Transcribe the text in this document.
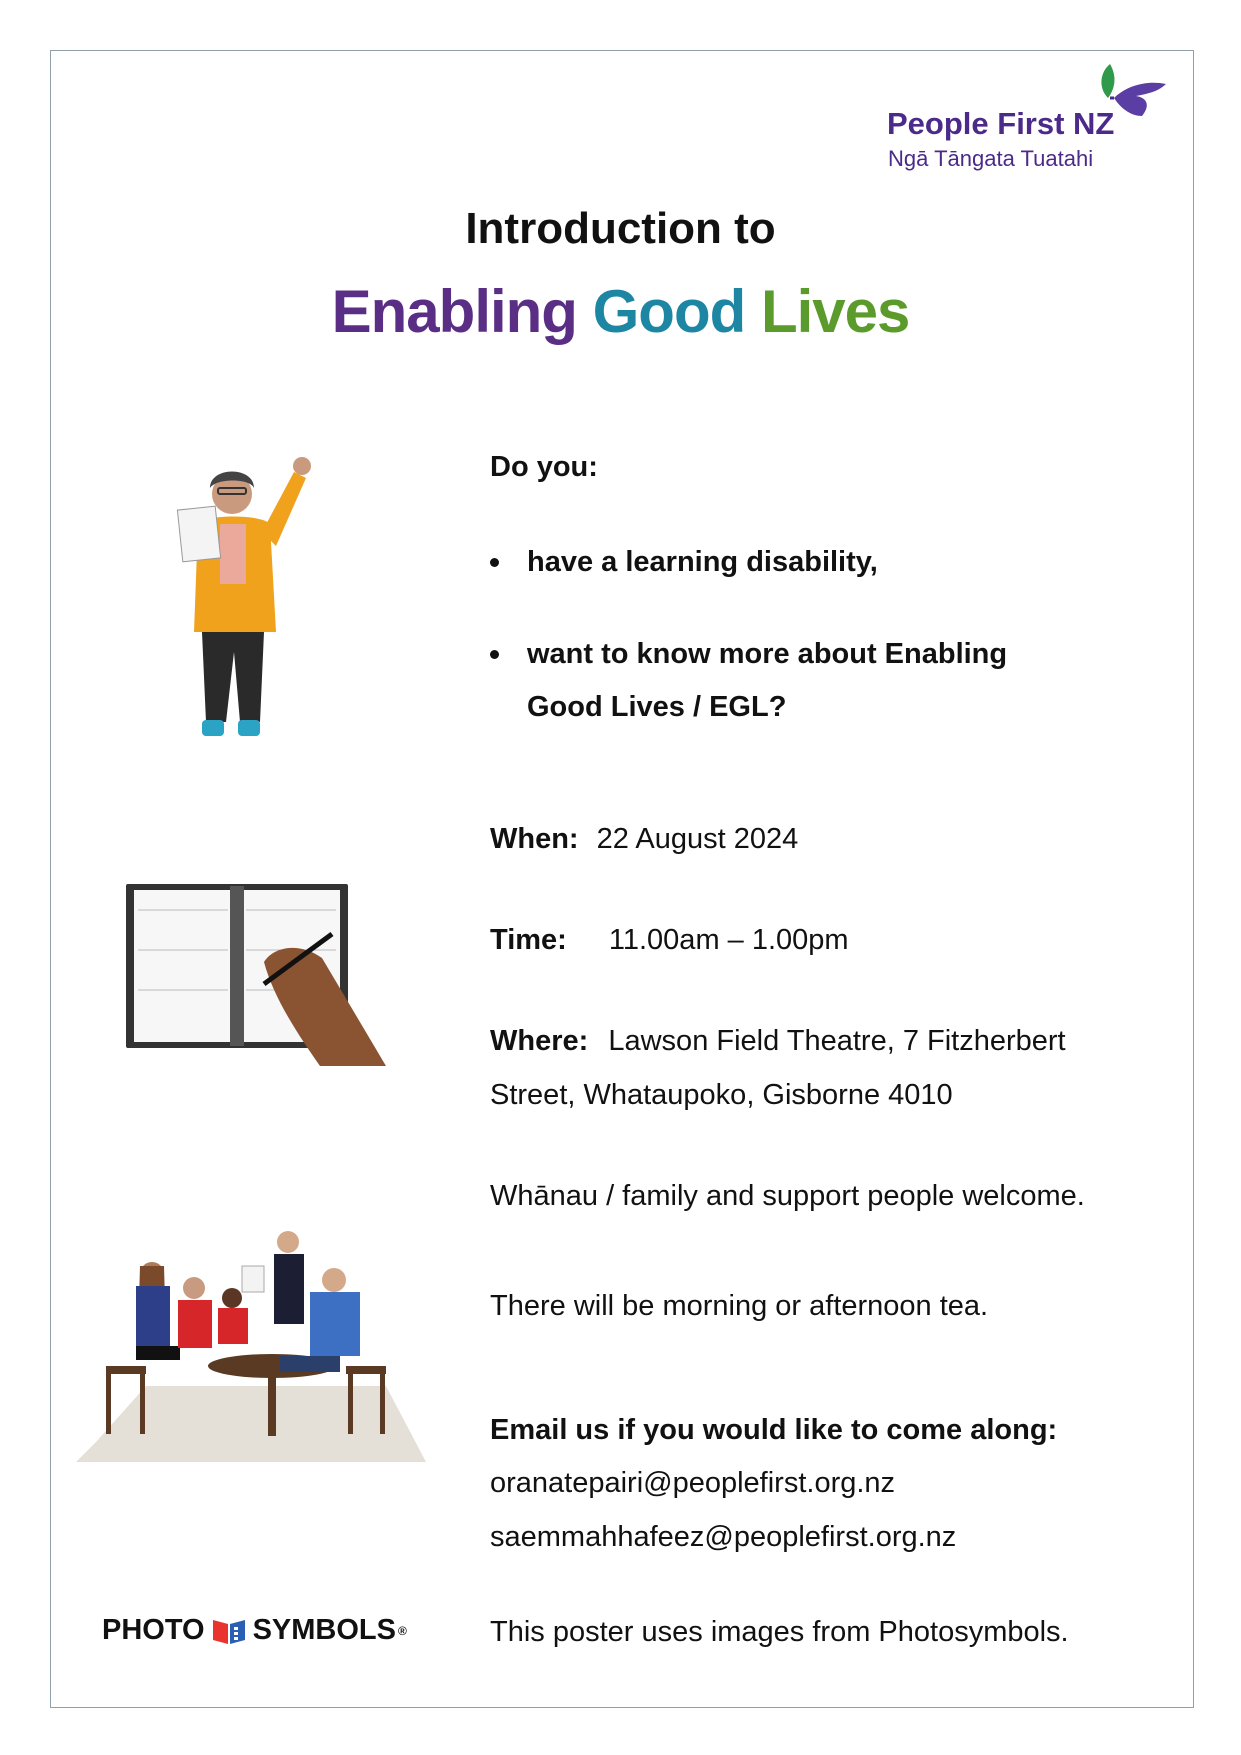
People First NZ
Ngā Tāngata Tuatahi
Introduction to
Enabling Good Lives
Do you:
have a learning disability,
want to know more about Enabling
Good Lives / EGL?
When: 22 August 2024
Time: 11.00am – 1.00pm
Where: Lawson Field Theatre, 7 Fitzherbert
Street, Whataupoko, Gisborne 4010
Whānau / family and support people welcome.
There will be morning or afternoon tea.
Email us if you would like to come along:
oranatepairi@peoplefirst.org.nz
saemmahhafeez@peoplefirst.org.nz
PHOTO SYMBOLS ®	This poster uses images from Photosymbols.
